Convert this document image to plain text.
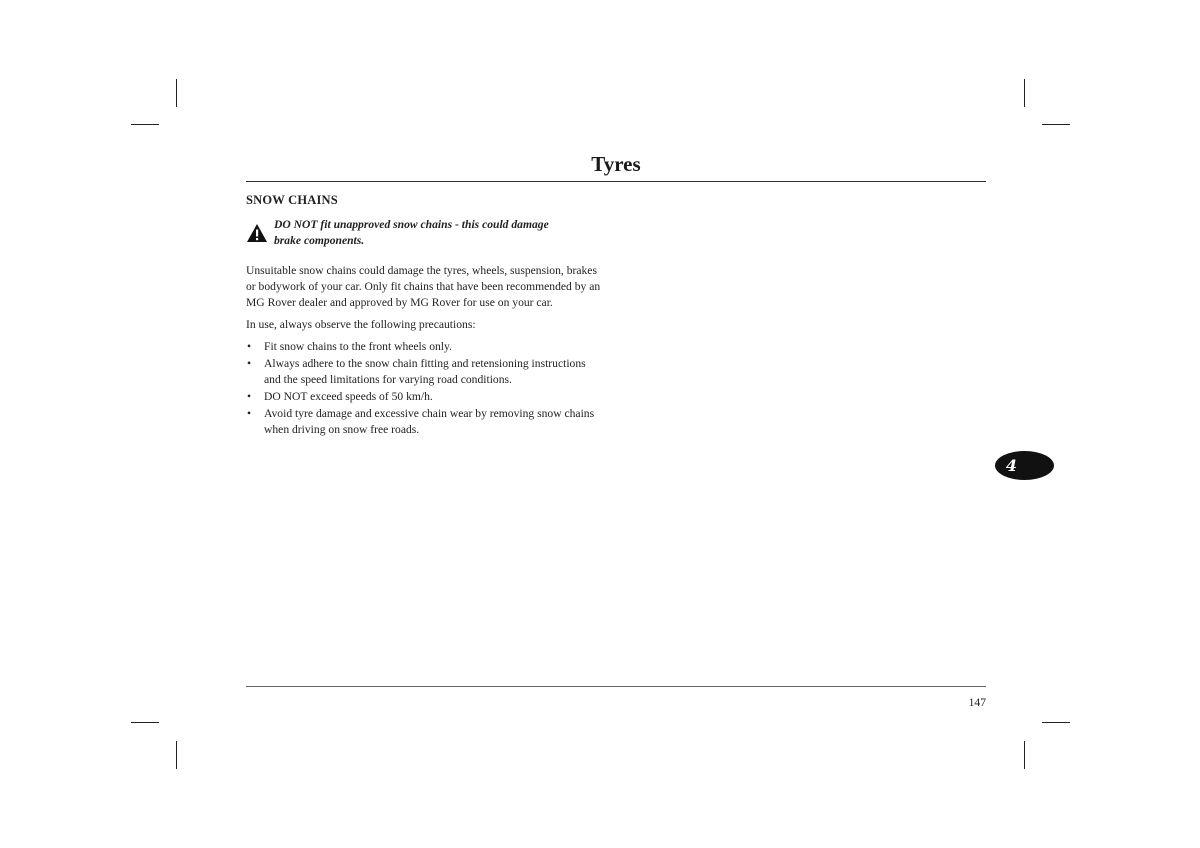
Tyres
SNOW CHAINS
DO NOT fit unapproved snow chains - this could damage
brake components.

Unsuitable snow chains could damage the tyres, wheels, suspension, brakes or bodywork of your car. Only fit chains that have been recommended by an MG Rover dealer and approved by MG Rover for use on your car.

In use, always observe the following precautions:

• Fit snow chains to the front wheels only.
• Always adhere to the snow chain fitting and retensioning instructions and the speed limitations for varying road conditions.
• DO NOT exceed speeds of 50 km/h.
• Avoid tyre damage and excessive chain wear by removing snow chains when driving on snow free roads.
4
147
